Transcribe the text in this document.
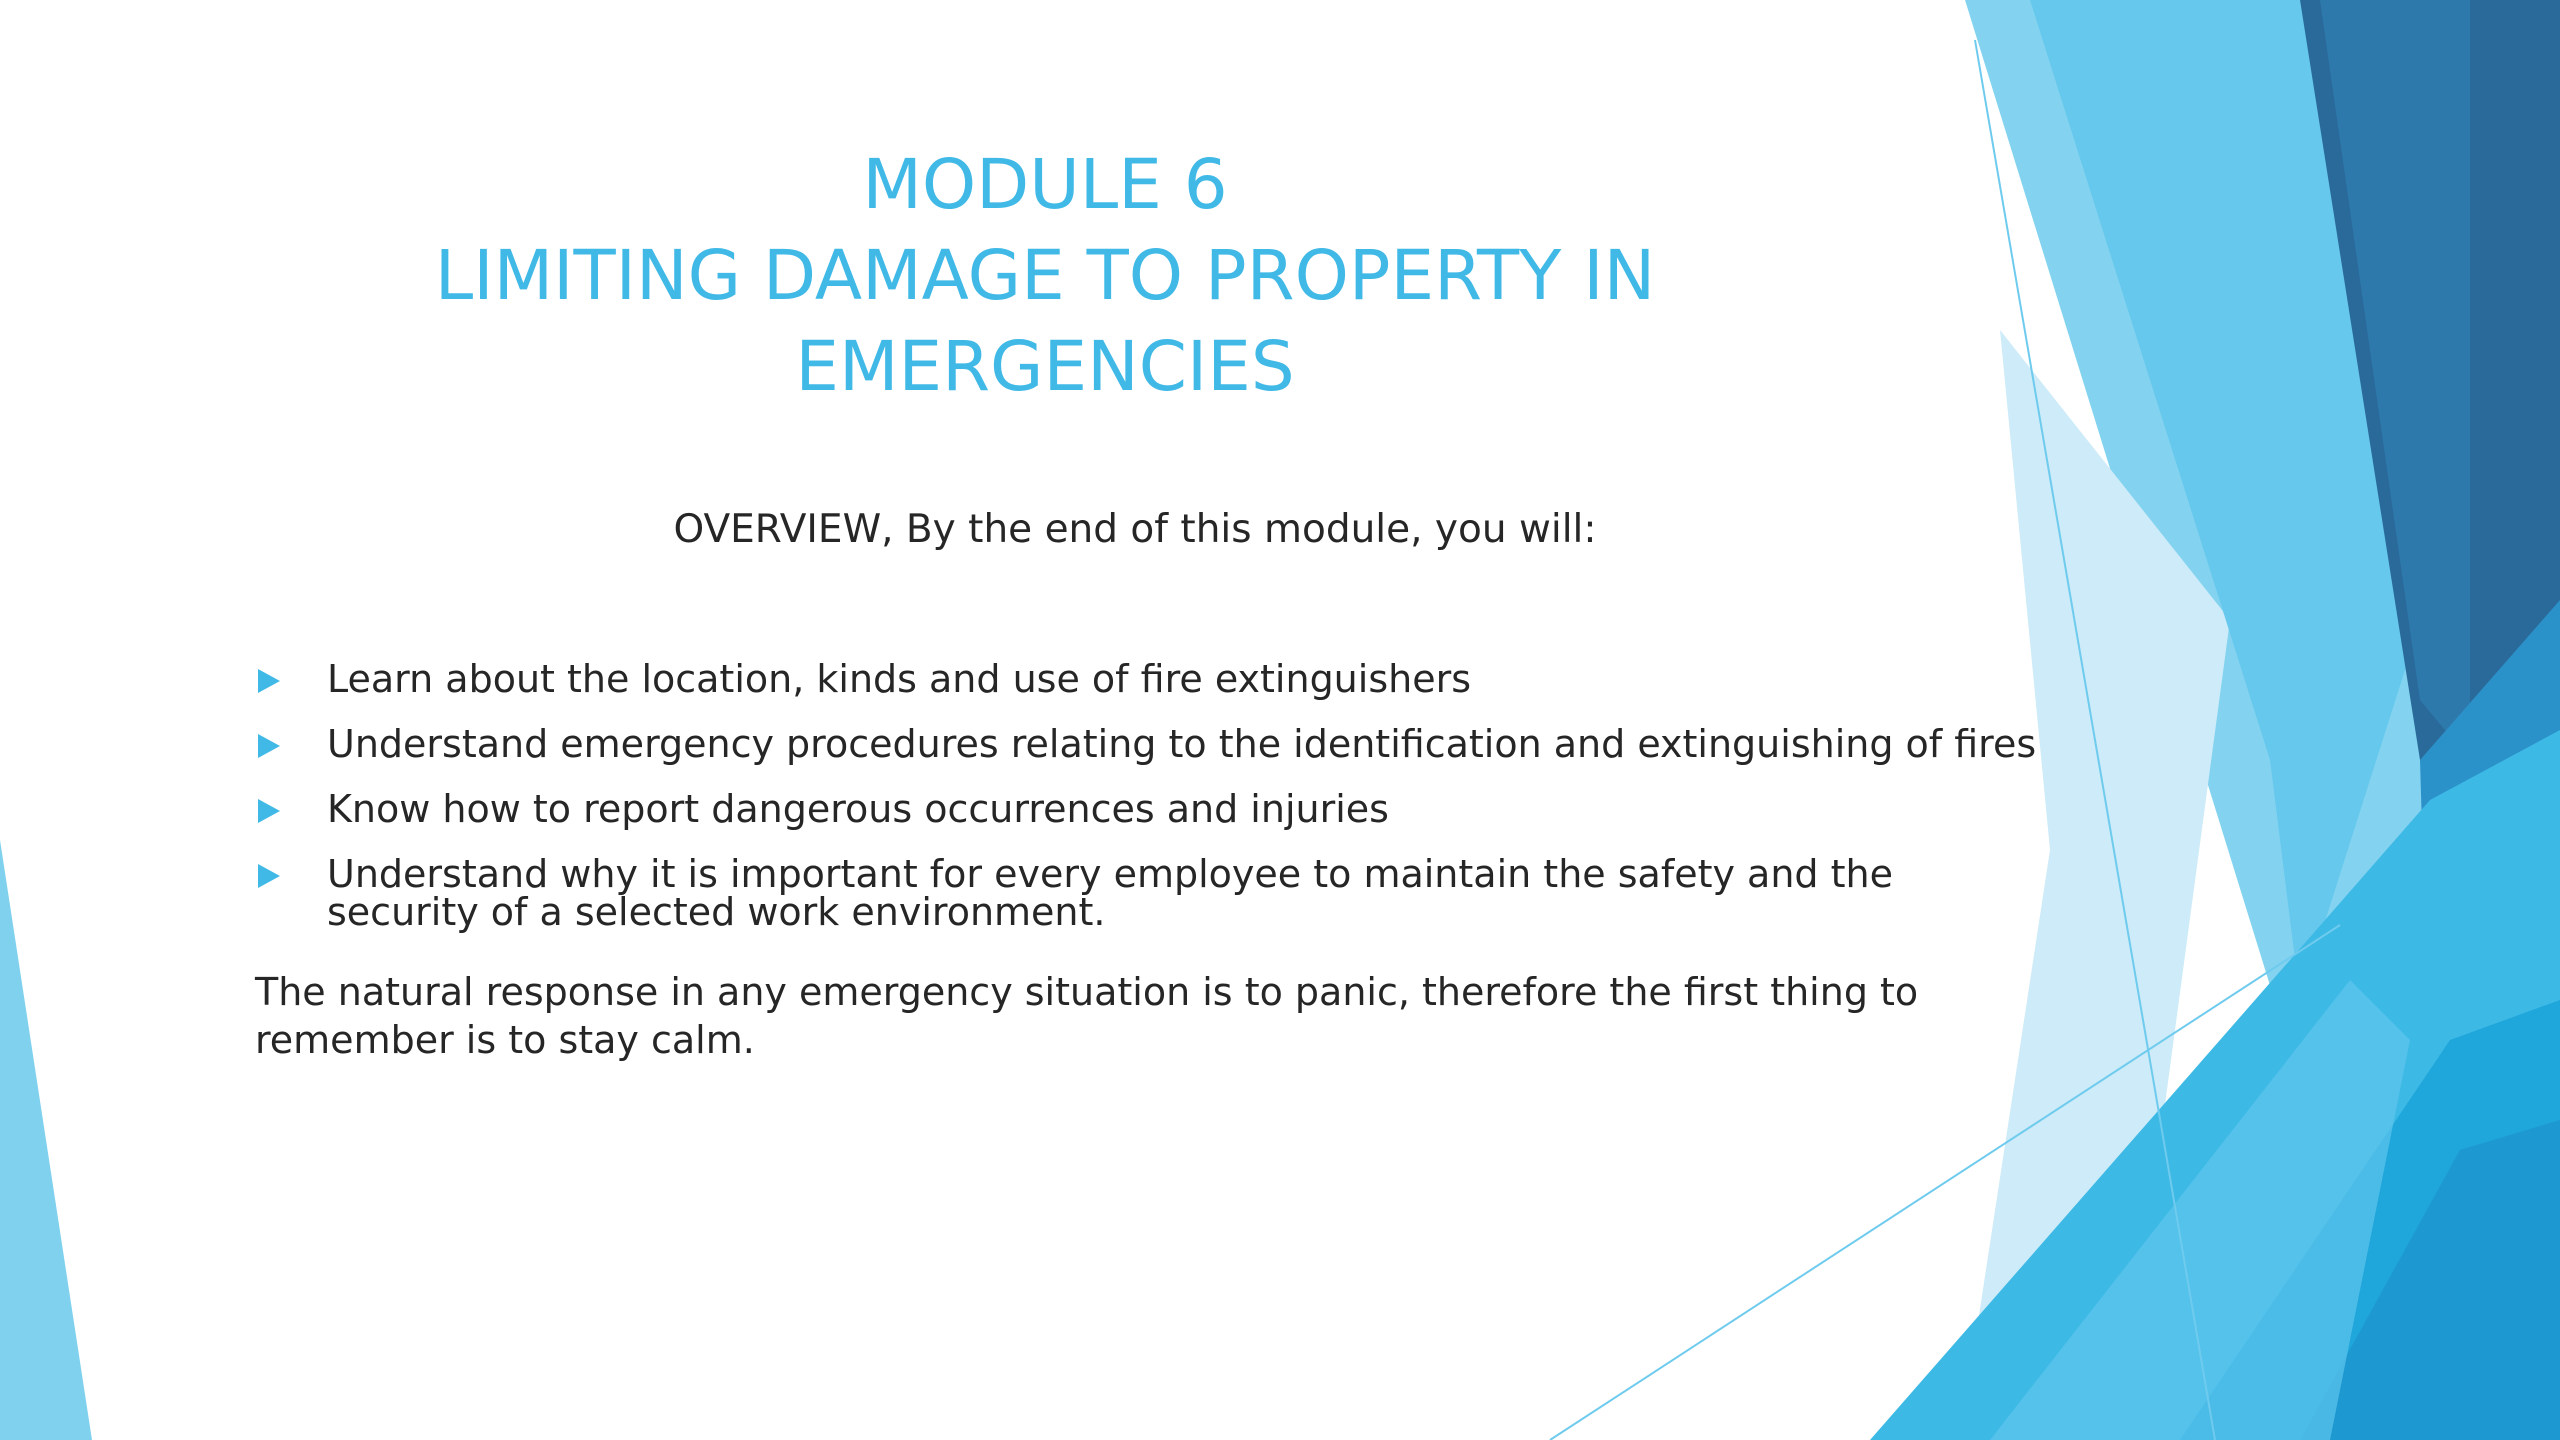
MODULE 6
LIMITING DAMAGE TO PROPERTY IN EMERGENCIES
OVERVIEW, By the end of this module, you will:
Learn about the location, kinds and use of fire extinguishers
Understand emergency procedures relating to the identification and extinguishing of fires
Know how to report dangerous occurrences and injuries
Understand why it is important for every employee to maintain the safety and the security of a selected work environment.
The natural response in any emergency situation is to panic, therefore the first thing to remember is to stay calm.
